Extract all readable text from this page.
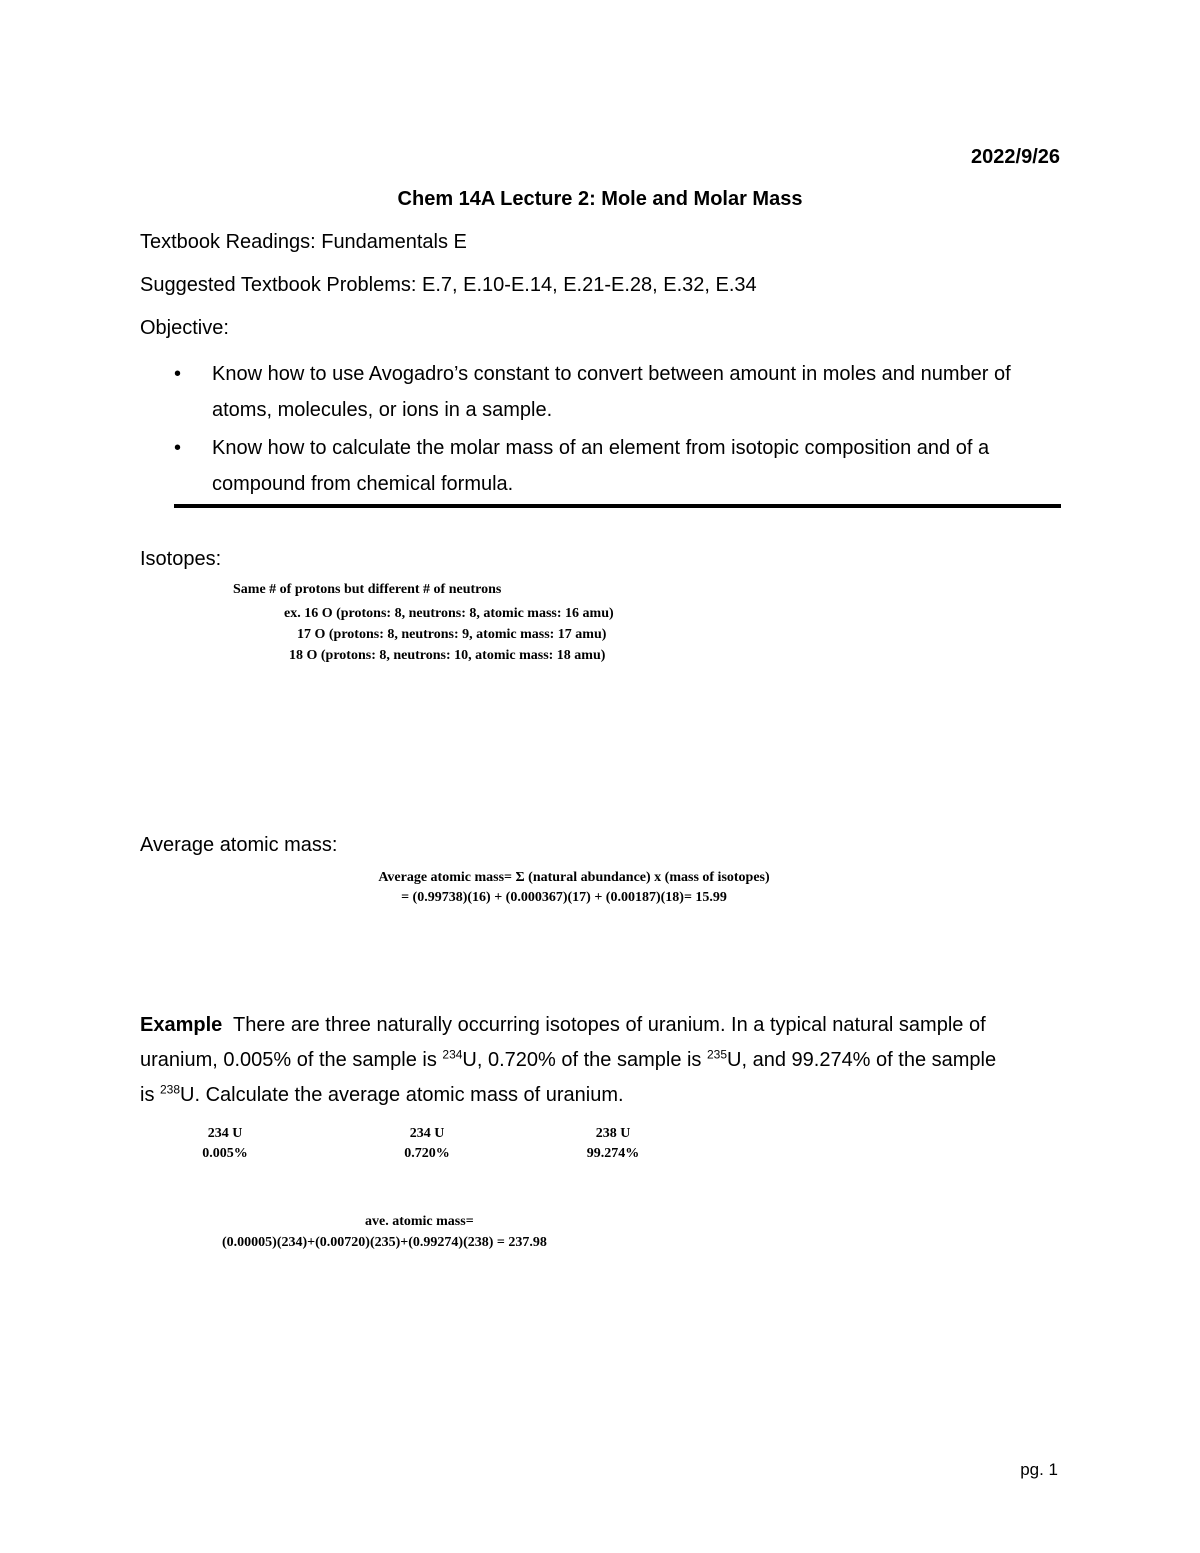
2022/9/26
Chem 14A Lecture 2: Mole and Molar Mass
Textbook Readings: Fundamentals E
Suggested Textbook Problems: E.7, E.10-E.14, E.21-E.28, E.32, E.34
Objective:
• Know how to use Avogadro’s constant to convert between amount in moles and number of atoms, molecules, or ions in a sample.
• Know how to calculate the molar mass of an element from isotopic composition and of a compound from chemical formula.
Isotopes:
Same # of protons but different # of neutrons
ex. 16 O (protons: 8, neutrons: 8, atomic mass: 16 amu)
17 O (protons: 8, neutrons: 9, atomic mass: 17 amu)
18 O (protons: 8, neutrons: 10, atomic mass: 18 amu)
Average atomic mass:
Average atomic mass= Σ (natural abundance) x (mass of isotopes)
= (0.99738)(16) + (0.000367)(17) + (0.00187)(18)= 15.99
Example There are three naturally occurring isotopes of uranium. In a typical natural sample of
uranium, 0.005% of the sample is $^{234}$U, 0.720% of the sample is $^{235}$U, and 99.274% of the sample
is $^{238}$U. Calculate the average atomic mass of uranium.
234 U
0.005%
234 U
0.720%
238 U
99.274%
ave. atomic mass=
(0.00005)(234)+(0.00720)(235)+(0.99274)(238) = 237.98
pg. 1
